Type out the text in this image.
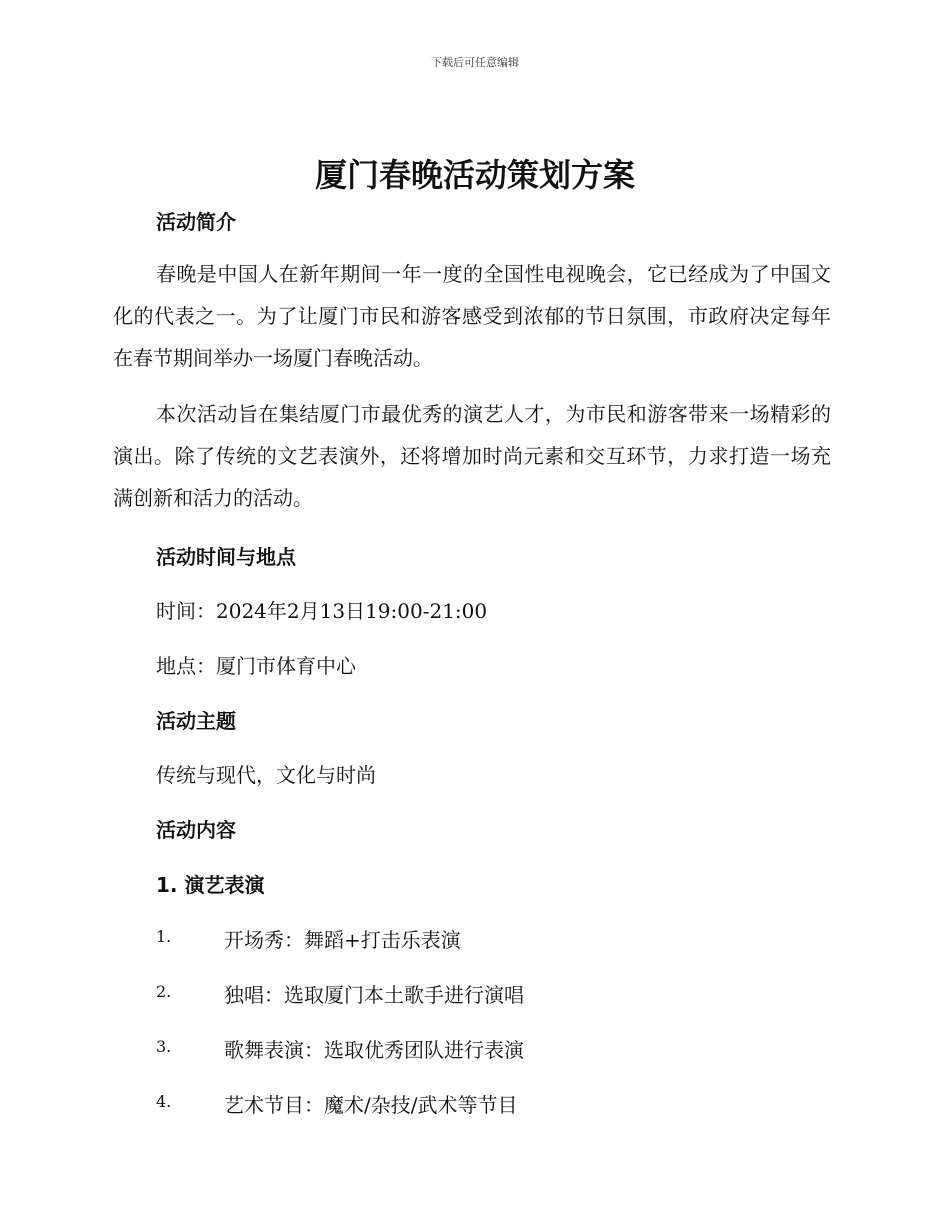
下载后可任意编辑
厦门春晚活动策划方案
活动简介

春晚是中国人在新年期间一年一度的全国性电视晚会，它已经成为了中国文化的代表之一。为了让厦门市民和游客感受到浓郁的节日氛围，市政府决定每年在春节期间举办一场厦门春晚活动。

本次活动旨在集结厦门市最优秀的演艺人才，为市民和游客带来一场精彩的演出。除了传统的文艺表演外，还将增加时尚元素和交互环节，力求打造一场充满创新和活力的活动。

活动时间与地点
时间：2024年2月13日19:00-21:00
地点：厦门市体育中心
活动主题
传统与现代，文化与时尚
活动内容
1. 演艺表演
1.	开场秀：舞蹈+打击乐表演
2.	独唱：选取厦门本土歌手进行演唱
3.	歌舞表演：选取优秀团队进行表演
4.	艺术节目：魔术/杂技/武术等节目
